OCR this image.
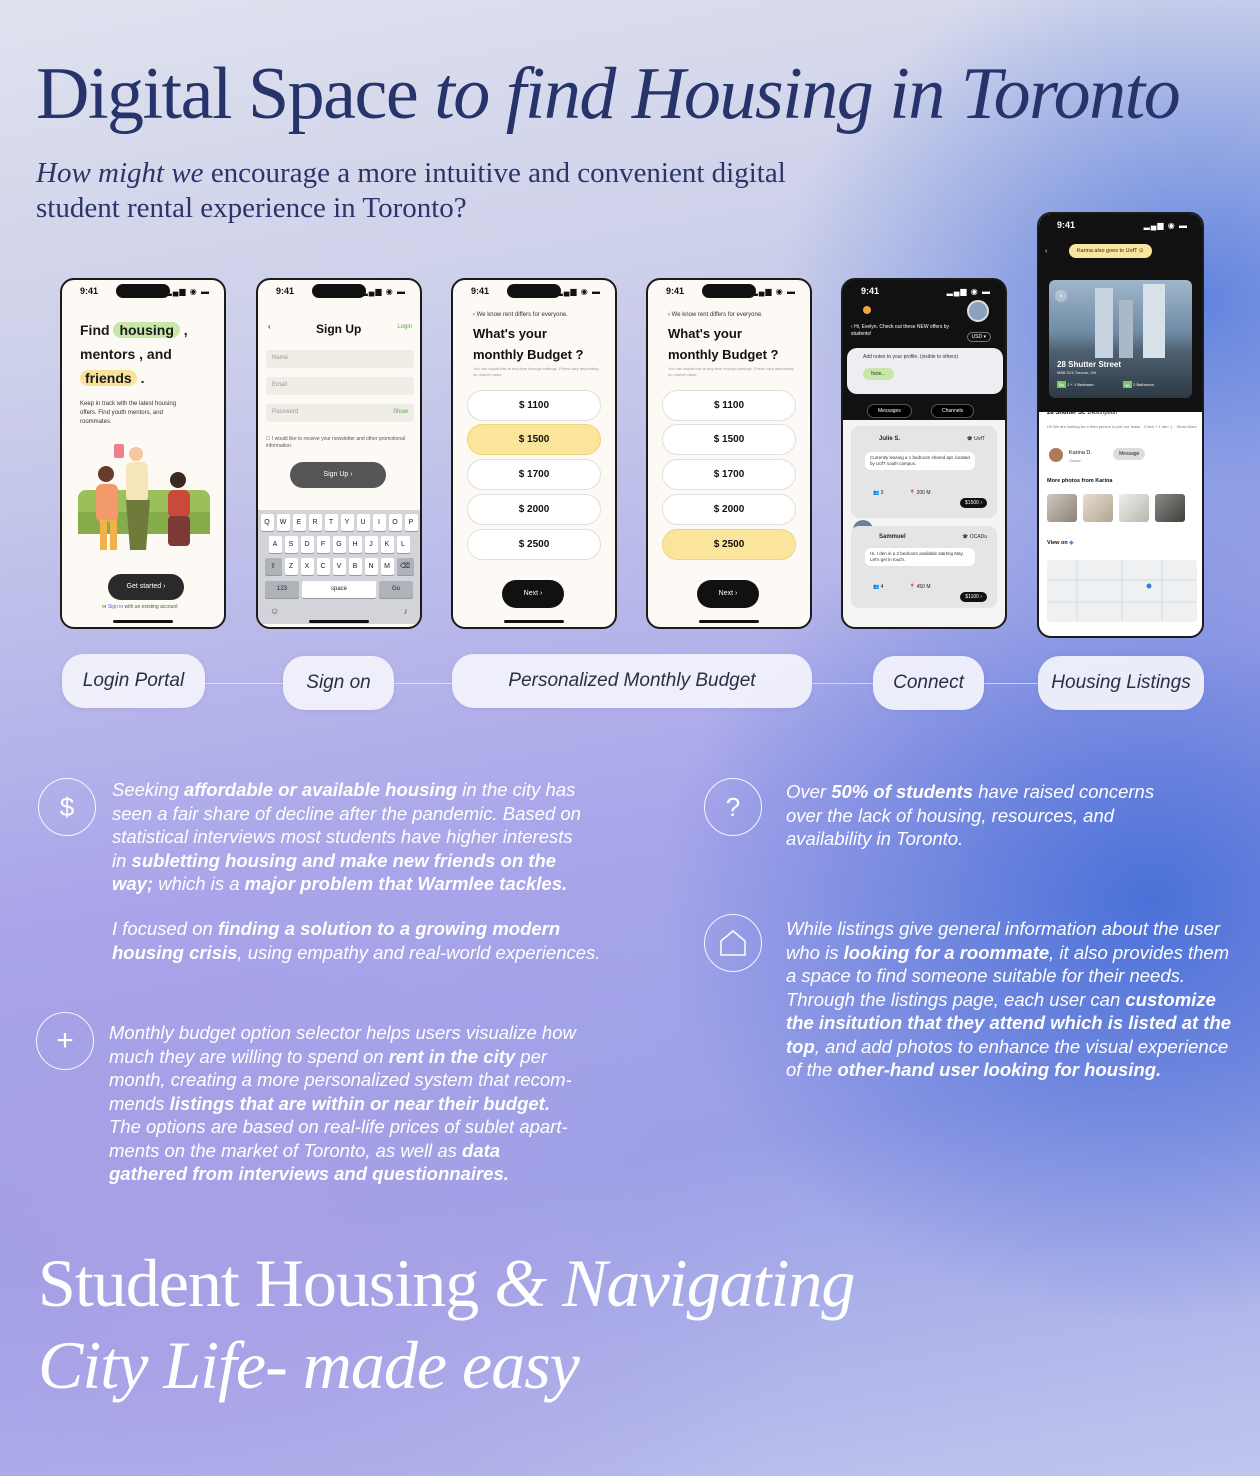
Digital Space to find Housing in Toronto
How might we encourage a more intuitive and convenient digital student rental experience in Toronto?
9:41	▂▄▆ ◉ ▬
Find housing ,
mentors , and
friends .
Keep in track with the latest housing offers. Find youth mentors, and roommates.
Get started ›
or Sign in with an existing account
9:41	▂▄▆ ◉ ▬
‹	Sign Up	Login
Name
Email
Password	Show
☐ I would like to receive your newsletter and other promotional information.
Sign Up ›
Q	W	E	R	T	Y	U	I	O	P
A	S	D	F	G	H	J	K	L
⇧	Z	X	C	V	B	N	M	⌫
123	space	Go
☺	♪
9:41	▂▄▆ ◉ ▬
‹ We know rent differs for everyone.
What's your
monthly Budget ?
You can adjust this at any time through settings. Prices vary depending on market value.
$ 1100
$ 1500
$ 1700
$ 2000
$ 2500
Next ›
9:41	▂▄▆ ◉ ▬
‹ We know rent differs for everyone.
What's your
monthly Budget ?
You can adjust this at any time through settings. Prices vary depending on market value.
$ 1100
$ 1500
$ 1700
$ 2000
$ 2500
Next ›
9:41	▂▄▆ ◉ ▬
‹ Hi, Evelyn. Check out these NEW offers by students!	USD ▾
Add notes to your profile. (visible to others)
Note...
Messages	Channels
Julie S.	🎓 UofT
Currently leasing a 1 bedroom shared apt. located by UofT south campus.
👥 3	📍 200 M
$1500 ›
Sammuel	🎓 OCADu
Hi, I den in a 2 bedroom available starting May. Let's get in touch.
👥 4	📍 450 M
$1100 ›
9:41	▂▄▆ ◉ ▬
‹	Karina also goes to UofT ⊙
‹
28 Shutter Street
M5B 0C5 Toronto, ON
🛏 2 + 1 Bedroom	🛁 2 Bathroom
28 Shutter St. Description
Hi! We are looking for a third person to join our lease - 2 bed + 1 den :) .. Show More
Karina D.
Owner
Message
More photos from Karina
View on ◈
Login Portal	Sign on	Personalized Monthly Budget	Connect	Housing Listings
$
Seeking affordable or available housing in the city has seen a fair share of decline after the pandemic. Based on statistical interviews most students have higher interests in subletting housing and make new friends on the way; which is a major problem that Warmlee tackles.
I focused on finding a solution to a growing modern housing crisis, using empathy and real-world experiences.
?
Over 50% of students have raised concerns over the lack of housing, resources, and availability in Toronto.
+	Monthly budget option selector helps users visualize how much they are willing to spend on rent in the city per month, creating a more personalized system that recom- mends listings that are within or near their budget. The options are based on real-life prices of sublet apart- ments on the market of Toronto, as well as data gathered from interviews and questionnaires.
While listings give general information about the user who is looking for a roommate, it also provides them a space to find someone suitable for their needs. Through the listings page, each user can customize the insitution that they attend which is listed at the top, and add photos to enhance the visual experience of the other-hand user looking for housing.
Student Housing & Navigating
City Life- made easy
